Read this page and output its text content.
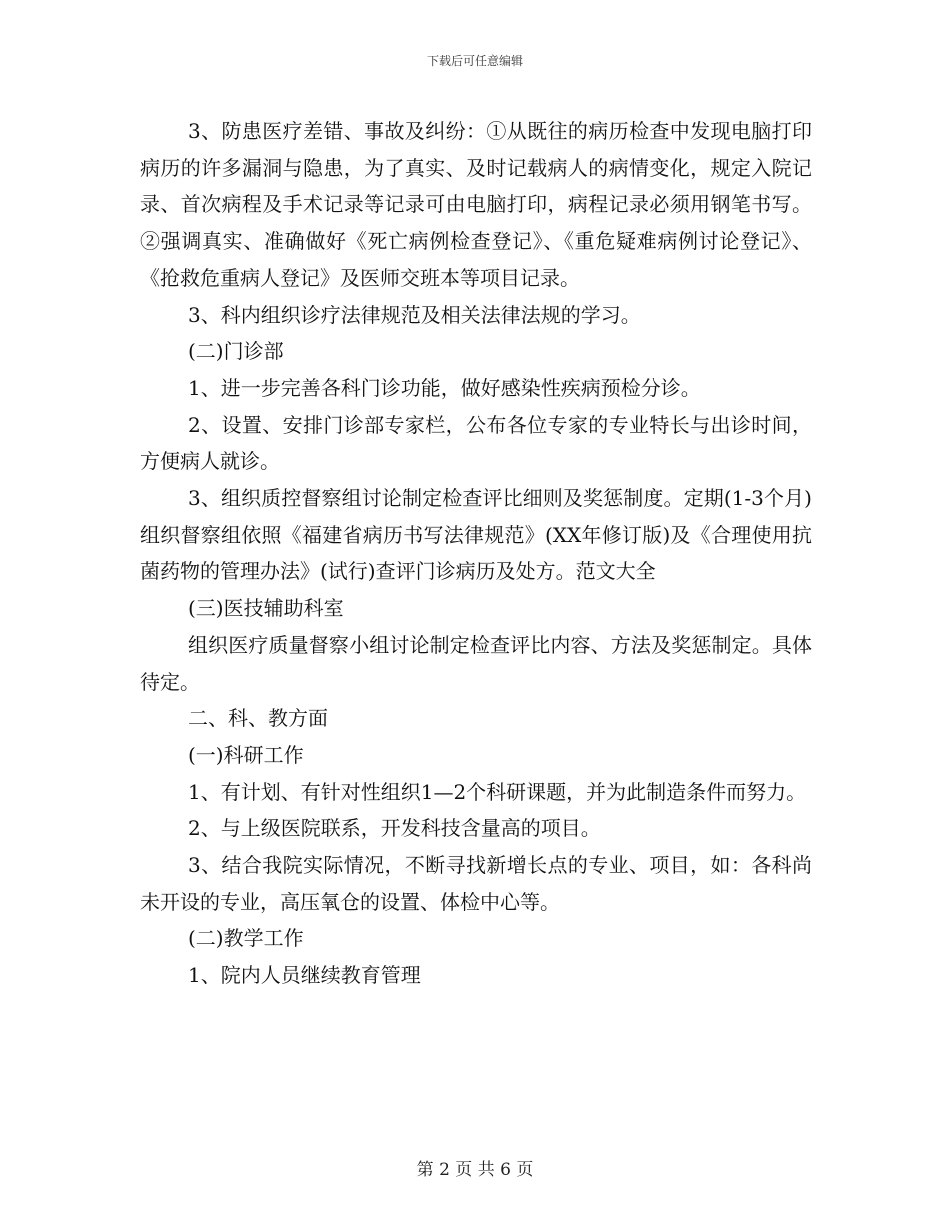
下载后可任意编辑

3、防患医疗差错、事故及纠纷：①从既往的病历检查中发现电脑打印病历的许多漏洞与隐患，为了真实、及时记载病人的病情变化，规定入院记录、首次病程及手术记录等记录可由电脑打印，病程记录必须用钢笔书写。②强调真实、准确做好《死亡病例检查登记》、《重危疑难病例讨论登记》、《抢救危重病人登记》及医师交班本等项目记录。

3、科内组织诊疗法律规范及相关法律法规的学习。

(二)门诊部

1、进一步完善各科门诊功能，做好感染性疾病预检分诊。

2、设置、安排门诊部专家栏，公布各位专家的专业特长与出诊时间，方便病人就诊。

3、组织质控督察组讨论制定检查评比细则及奖惩制度。定期(1-3个月)组织督察组依照《福建省病历书写法律规范》(XX年修订版)及《合理使用抗菌药物的管理办法》(试行)查评门诊病历及处方。范文大全

(三)医技辅助科室

组织医疗质量督察小组讨论制定检查评比内容、方法及奖惩制定。具体待定。

二、科、教方面

(一)科研工作

1、有计划、有针对性组织1—2个科研课题，并为此制造条件而努力。

2、与上级医院联系，开发科技含量高的项目。

3、结合我院实际情况，不断寻找新增长点的专业、项目，如：各科尚未开设的专业，高压氧仓的设置、体检中心等。

(二)教学工作

1、院内人员继续教育管理

第 2 页 共 6 页
